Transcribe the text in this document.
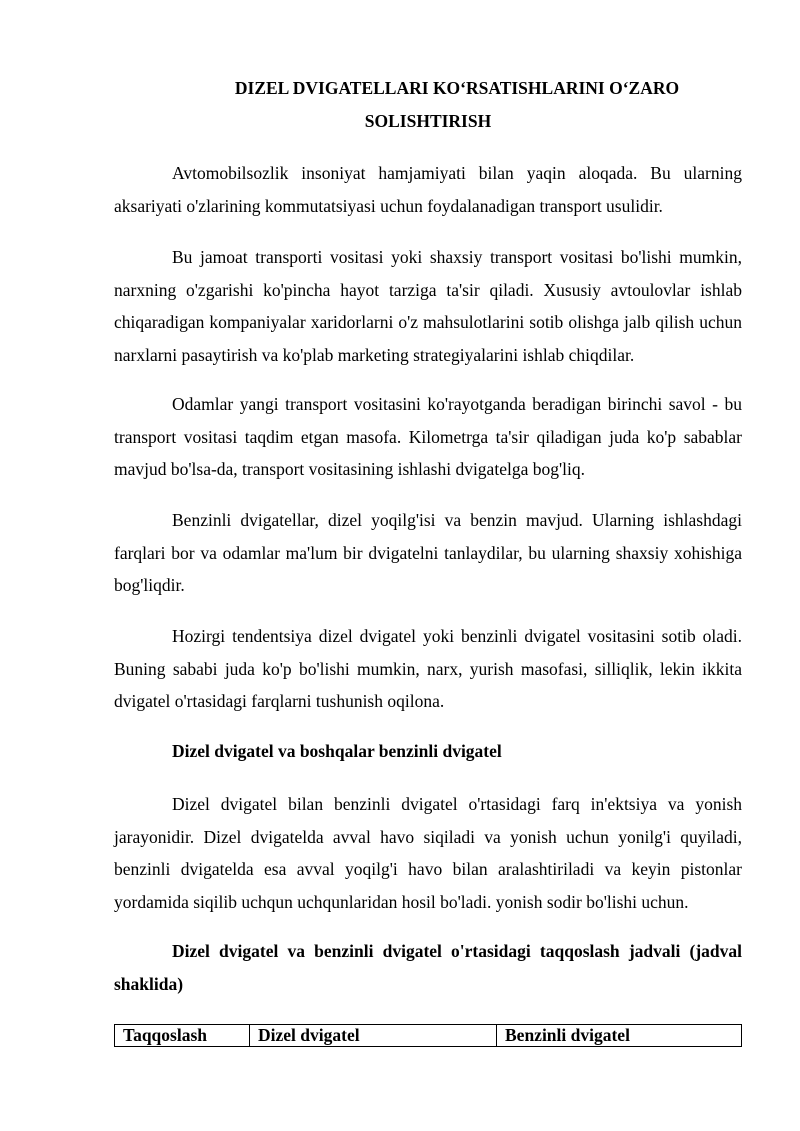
DIZEL DVIGATELLARI KO‘RSATISHLARINI O‘ZARO
SOLISHTIRISH

Avtomobilsozlik insoniyat hamjamiyati bilan yaqin aloqada. Bu ularning aksariyati o'zlarining kommutatsiyasi uchun foydalanadigan transport usulidir.

Bu jamoat transporti vositasi yoki shaxsiy transport vositasi bo'lishi mumkin, narxning o'zgarishi ko'pincha hayot tarziga ta'sir qiladi. Xususiy avtoulovlar ishlab chiqaradigan kompaniyalar xaridorlarni o'z mahsulotlarini sotib olishga jalb qilish uchun narxlarni pasaytirish va ko'plab marketing strategiyalarini ishlab chiqdilar.

Odamlar yangi transport vositasini ko'rayotganda beradigan birinchi savol - bu transport vositasi taqdim etgan masofa. Kilometrga ta'sir qiladigan juda ko'p sabablar mavjud bo'lsa-da, transport vositasining ishlashi dvigatelga bog'liq.

Benzinli dvigatellar, dizel yoqilg'isi va benzin mavjud. Ularning ishlashdagi farqlari bor va odamlar ma'lum bir dvigatelni tanlaydilar, bu ularning shaxsiy xohishiga bog'liqdir.

Hozirgi tendentsiya dizel dvigatel yoki benzinli dvigatel vositasini sotib oladi. Buning sababi juda ko'p bo'lishi mumkin, narx, yurish masofasi, silliqlik, lekin ikkita dvigatel o'rtasidagi farqlarni tushunish oqilona.

Dizel dvigatel va boshqalar benzinli dvigatel

Dizel dvigatel bilan benzinli dvigatel o'rtasidagi farq in'ektsiya va yonish jarayonidir. Dizel dvigatelda avval havo siqiladi va yonish uchun yonilg'i quyiladi, benzinli dvigatelda esa avval yoqilg'i havo bilan aralashtiriladi va keyin pistonlar yordamida siqilib uchqun uchqunlaridan hosil bo'ladi. yonish sodir bo'lishi uchun.

Dizel dvigatel va benzinli dvigatel o'rtasidagi taqqoslash jadvali (jadval shaklida)

Taqqoslash	Dizel dvigatel	Benzinli dvigatel
